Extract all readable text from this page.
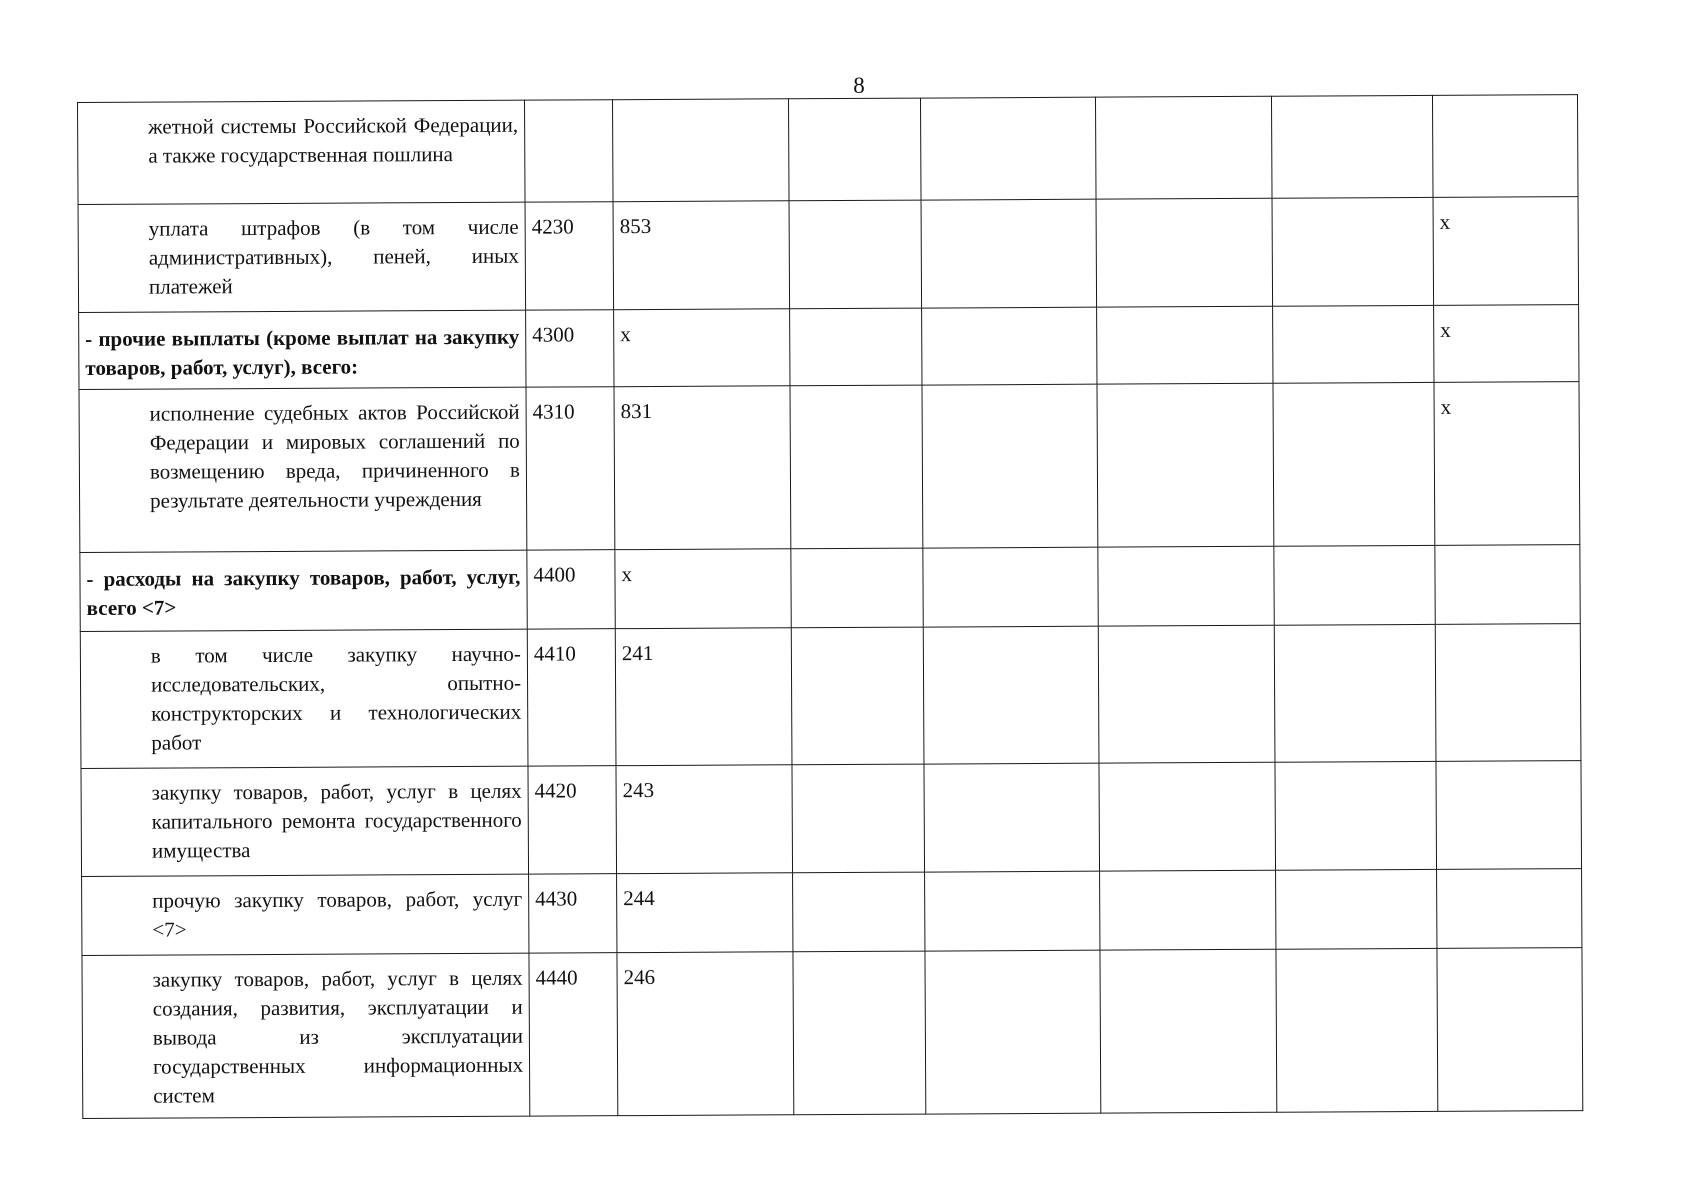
8
жетной системы Российской Федерации, а также государственная пошлина							
уплата штрафов (в том числе административных), пеней, иных платежей	4230	853					x
- прочие выплаты (кроме выплат на закупку товаров, работ, услуг), всего:	4300	x					x
исполнение судебных актов Российской Федерации и мировых соглашений по возмещению вреда, причиненного в результате деятельности учреждения	4310	831					x
- расходы на закупку товаров, работ, услуг, всего <7>	4400	x					
в том числе закупку научно-исследовательских, опытно-конструкторских и технологических работ	4410	241					
закупку товаров, работ, услуг в целях капитального ремонта государственного имущества	4420	243					
прочую закупку товаров, работ, услуг <7>	4430	244					
закупку товаров, работ, услуг в целях создания, развития, эксплуатации и вывода из эксплуатации государственных информационных систем	4440	246					
